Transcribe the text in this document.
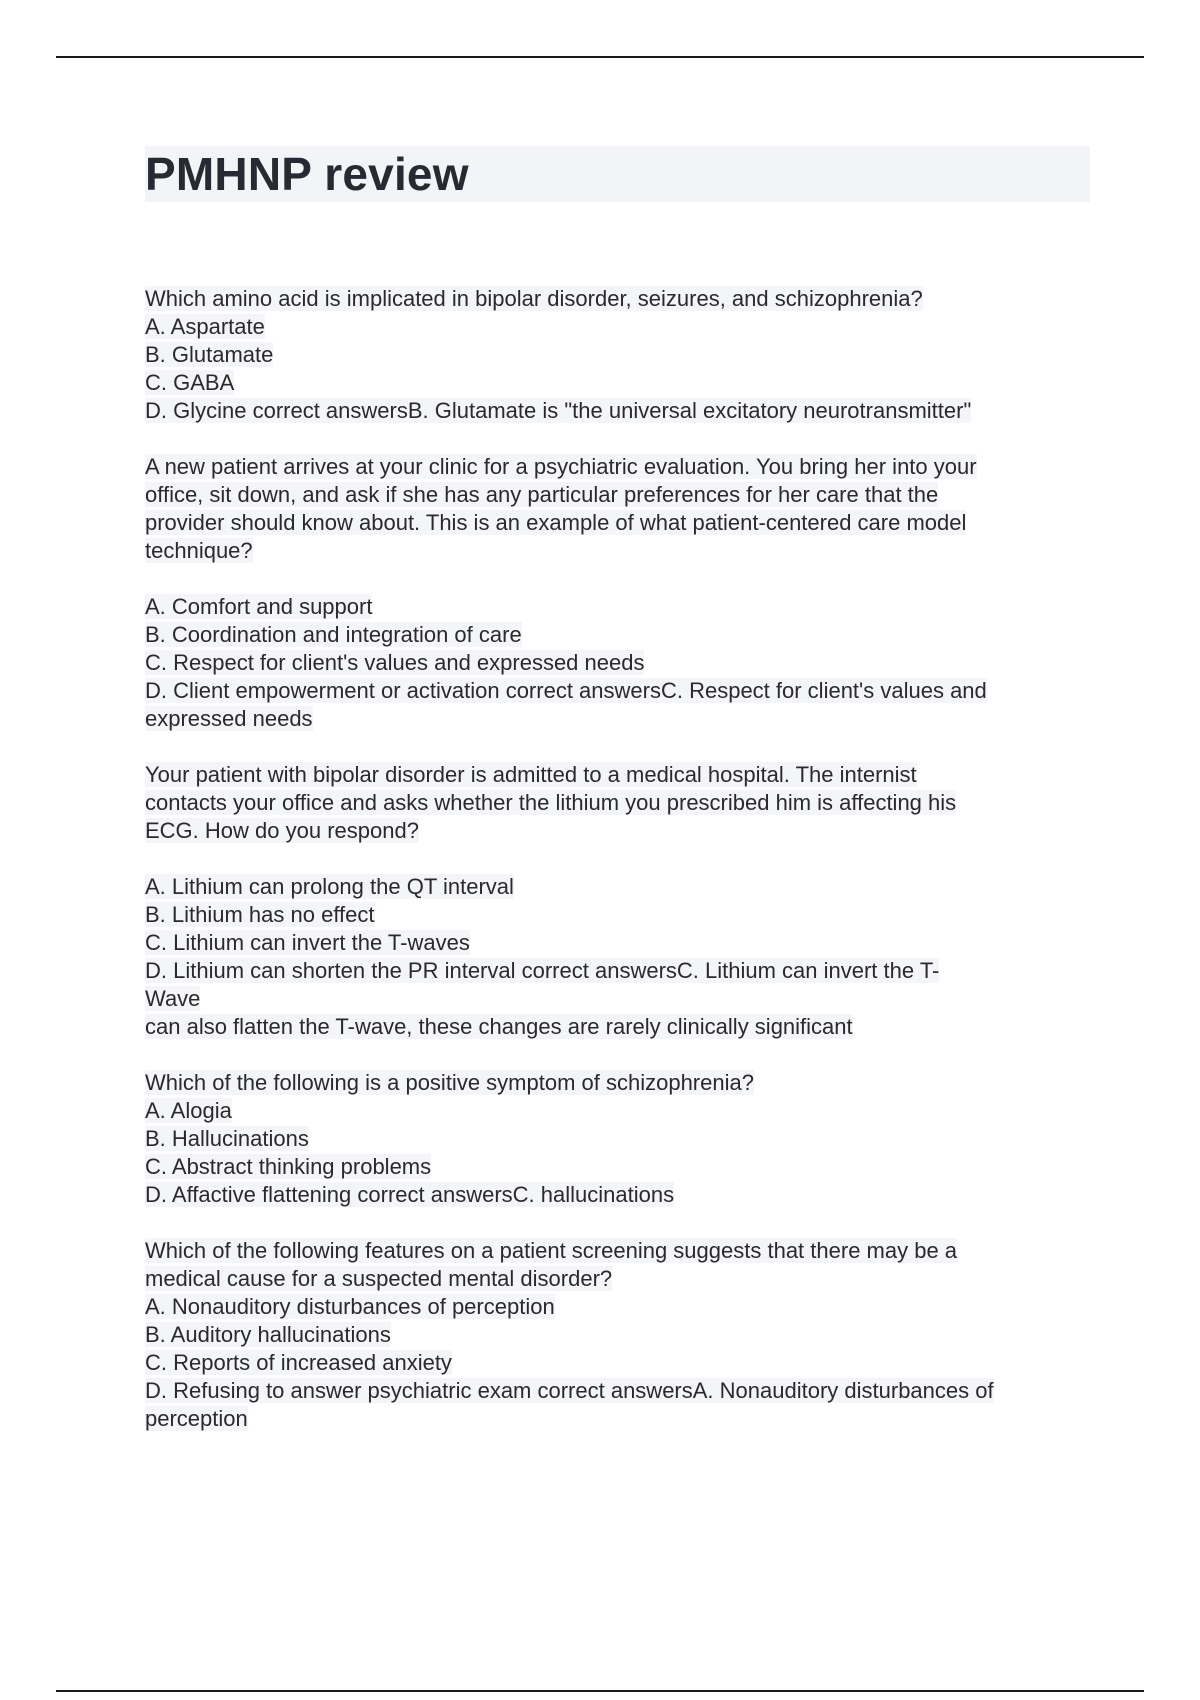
PMHNP review
Which amino acid is implicated in bipolar disorder, seizures, and schizophrenia?
A. Aspartate
B. Glutamate
C. GABA
D. Glycine correct answersB. Glutamate is "the universal excitatory neurotransmitter"
A new patient arrives at your clinic for a psychiatric evaluation. You bring her into your
office, sit down, and ask if she has any particular preferences for her care that the
provider should know about. This is an example of what patient-centered care model
technique?
A. Comfort and support
B. Coordination and integration of care
C. Respect for client's values and expressed needs
D. Client empowerment or activation correct answersC. Respect for client's values and
expressed needs
Your patient with bipolar disorder is admitted to a medical hospital. The internist
contacts your office and asks whether the lithium you prescribed him is affecting his
ECG. How do you respond?
A. Lithium can prolong the QT interval
B. Lithium has no effect
C. Lithium can invert the T-waves
D. Lithium can shorten the PR interval correct answersC. Lithium can invert the T-
Wave
can also flatten the T-wave, these changes are rarely clinically significant
Which of the following is a positive symptom of schizophrenia?
A. Alogia
B. Hallucinations
C. Abstract thinking problems
D. Affactive flattening correct answersC. hallucinations
Which of the following features on a patient screening suggests that there may be a
medical cause for a suspected mental disorder?
A. Nonauditory disturbances of perception
B. Auditory hallucinations
C. Reports of increased anxiety
D. Refusing to answer psychiatric exam correct answersA. Nonauditory disturbances of
perception
